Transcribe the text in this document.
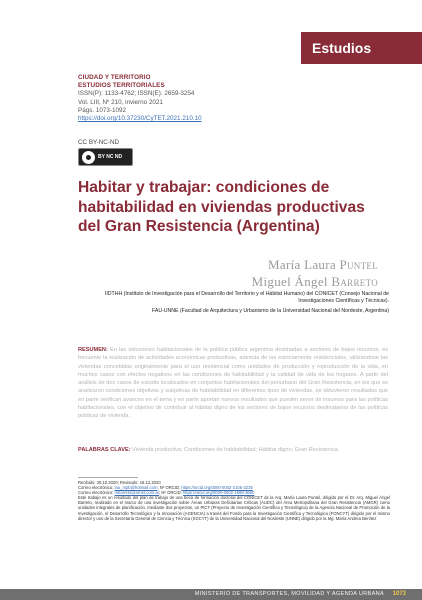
Estudios
CIUDAD Y TERRITORIO
ESTUDIOS TERRITORIALES
ISSN(P): 1133-4762; ISSN(E): 2659-3254
Vol. LIII, Nº 210, invierno 2021
Págs. 1073-1092
https://doi.org/10.37230/CyTET.2021.210.10
CC BY-NC-ND
BY NC ND
Habitar y trabajar: condiciones de habitabilidad en viviendas productivas del Gran Resistencia (Argentina)
María Laura Puntel
Miguel Ángel Barreto
IIDTHH (Instituto de Investigación para el Desarrollo del Territorio y el Hábitat Humano) del CONICET (Consejo Nacional de Investigaciones Científicas y Técnicas).
FAU-UNNE (Facultad de Arquitectura y Urbanismo de la Universidad Nacional del Nordeste, Argentina)

RESUMEN: En las soluciones habitacionales de la política pública argentina destinadas a sectores de bajos recursos, es frecuente la realización de actividades económicas productivas, además de las estrictamente residenciales, utilizándose las viviendas concebidas originalmente para el uso residencial como unidades de producción y reproducción de la vida, en muchos casos con efectos negativos en las condiciones de habitabilidad y la calidad de vida de los hogares. A partir del análisis de dos casos de estudio localizados en conjuntos habitacionales del periurbano del Gran Resistencia, en los que se analizaron condiciones objetivas y subjetivas de habitabilidad en diferentes tipos de viviendas, se obtuvieron resultados que en parte verifican avances en el tema y en parte aportan nuevos resultados que pueden servir de insumos para las políticas habitacionales, con el objetivo de contribuir al hábitat digno de los sectores de bajos recursos destinatarios de las políticas públicas de vivienda.

PALABRAS CLAVE: Vivienda productiva; Condiciones de habitabilidad; Hábitat digno; Gran Resistencia.

Recibido: 30.10.2020; Revisado: 18.12.2020
Correo electrónico: lau_mpb@hotmail.com; Nº ORCID: https://orcid.org/0000-0002-2105-2235
Correo electrónico: mbarreto@arnet.com.ar; Nº ORCID: https://orcid.org/0000-0002-1598-3660
Este trabajo es un resultado del plan de trabajo de una beca de formación doctoral del CONICET de la Arq. María Laura Puntel, dirigido por el Dr. Arq. Miguel Ángel Barreto, realizado en el marco de una investigación sobre Áreas Urbanas Deficitarias Críticas (AUDC) del Área Metropolitana del Gran Resistencia (AMGR) como unidades integrales de planificación, mediante dos proyectos, un PICT (Proyecto de Investigación Científica y Tecnológica) de la Agencia Nacional de Promoción de la Investigación, el Desarrollo Tecnológico y la Innovación (AGENCIA) a través del Fondo para la Investigación Científica y Tecnológica (FONCYT) dirigido por el mismo director y uno de la Secretaría General de Ciencia y Técnica (SGCYT) de la Universidad Nacional del Nordeste (UNNE) dirigido por la Mg. María Andrea Benítez
MINISTERIO DE TRANSPORTES, MOVILIDAD Y AGENDA URBANA 1073
